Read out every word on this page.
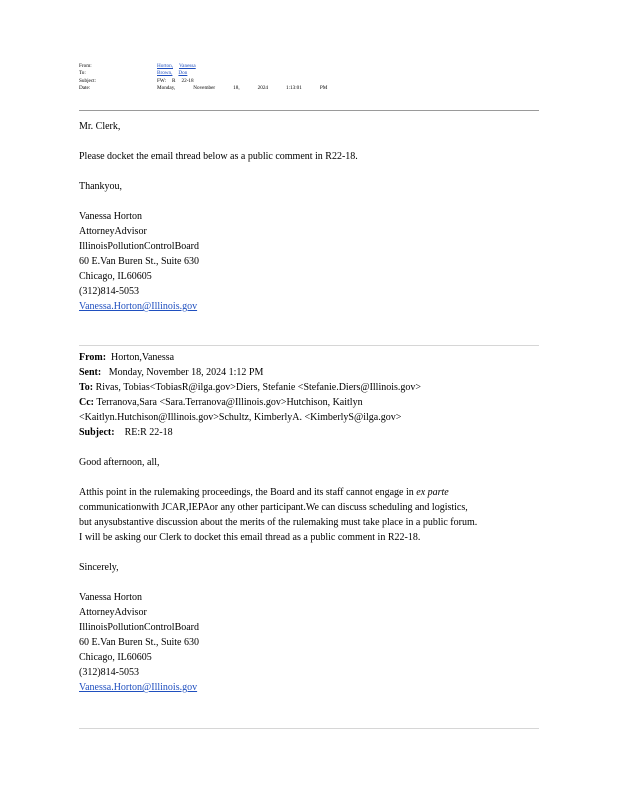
From:	Horton, Vanessa
To:	Brown, Don
Subject:	FW: R 22-18
Date:	Monday,	November	18,	2024	1:13:01	PM

Mr. Clerk,

Please docket the email thread below as a public comment in R22-18.

Thankyou,

Vanessa Horton

AttorneyAdvisor

IllinoisPollutionControlBoard

60 E.Van Buren St., Suite 630

Chicago, IL60605

(312)814-5053

Vanessa.Horton@Illinois.gov

From: Horton,Vanessa
Sent: Monday, November 18, 2024 1:12 PM
To: Rivas, Tobias<TobiasR@ilga.gov>Diers, Stefanie <Stefanie.Diers@Illinois.gov>
Cc: Terranova,Sara <Sara.Terranova@Illinois.gov>Hutchison, Kaitlyn
<Kaitlyn.Hutchison@Illinois.gov>Schultz, KimberlyA. <KimberlyS@ilga.gov>
Subject: RE:R 22-18

Good afternoon, all,

Atthis point in the rulemaking proceedings, the Board and its staff cannot engage in ex parte

communicationwith JCAR,IEPAor any other participant.We can discuss scheduling and logistics,

but anysubstantive discussion about the merits of the rulemaking must take place in a public forum.

I will be asking our Clerk to docket this email thread as a public comment in R22-18.

Sincerely,

Vanessa Horton

AttorneyAdvisor

IllinoisPollutionControlBoard

60 E.Van Buren St., Suite 630

Chicago, IL60605

(312)814-5053

Vanessa.Horton@Illinois.gov
